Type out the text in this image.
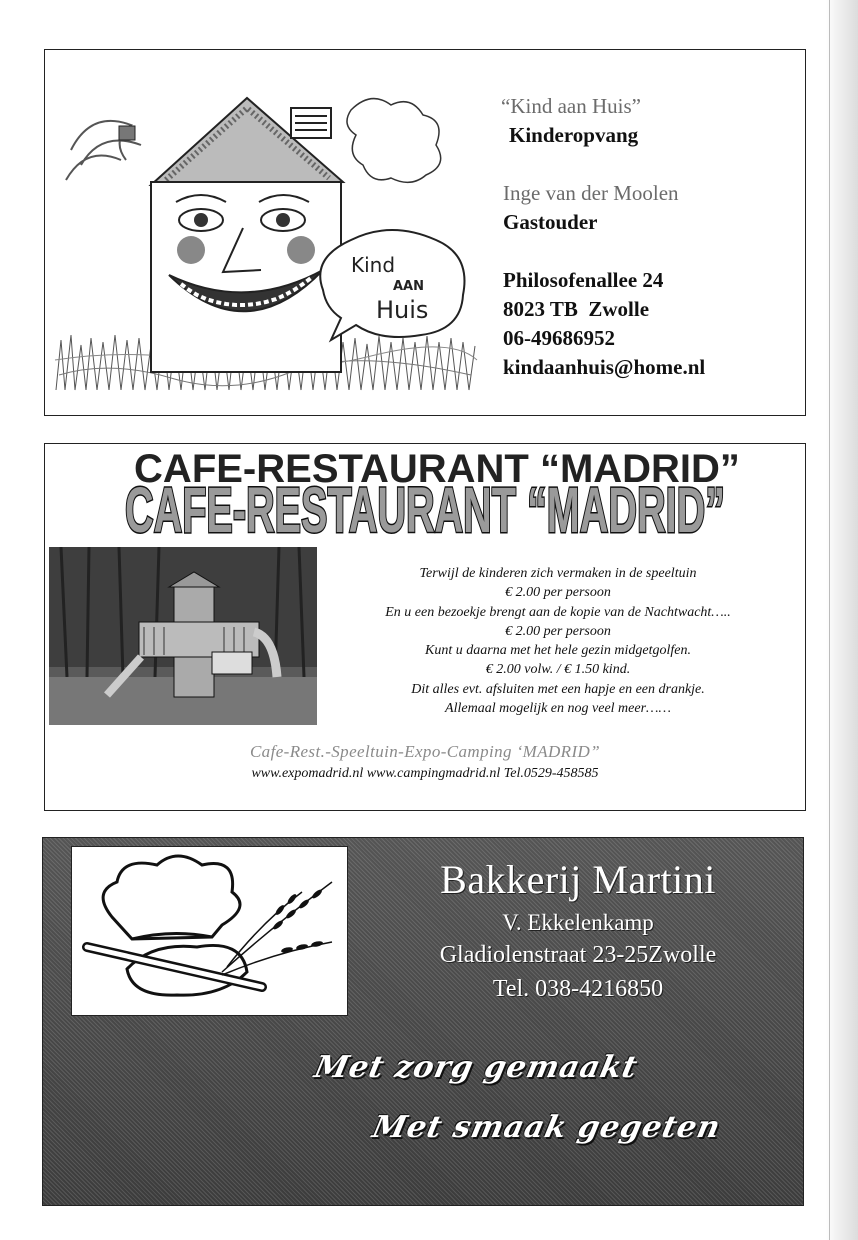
Kind
AAN
Huis
“Kind aan Huis”
Kinderopvang
Inge van der Moolen
Gastouder
Philosofenallee 24
8023 TB  Zwolle
06-49686952
kindaanhuis@home.nl
CAFE-RESTAURANT “MADRID”
CAFE-RESTAURANT “MADRID”
Terwijl de kinderen zich vermaken in de speeltuin
€ 2.00 per persoon
En u een bezoekje brengt aan de kopie van de Nachtwacht…..
€ 2.00 per persoon
Kunt u daarna met het hele gezin midgetgolfen.
€ 2.00 volw. / € 1.50 kind.
Dit alles evt. afsluiten met een hapje en een drankje.
Allemaal mogelijk en nog veel meer……
Cafe-Rest.-Speeltuin-Expo-Camping ‘MADRID”
www.expomadrid.nl www.campingmadrid.nl Tel.0529-458585
Bakkerij Martini
V. Ekkelenkamp
Gladiolenstraat 23-25Zwolle
Tel. 038-4216850
Met zorg gemaakt
Met smaak gegeten
